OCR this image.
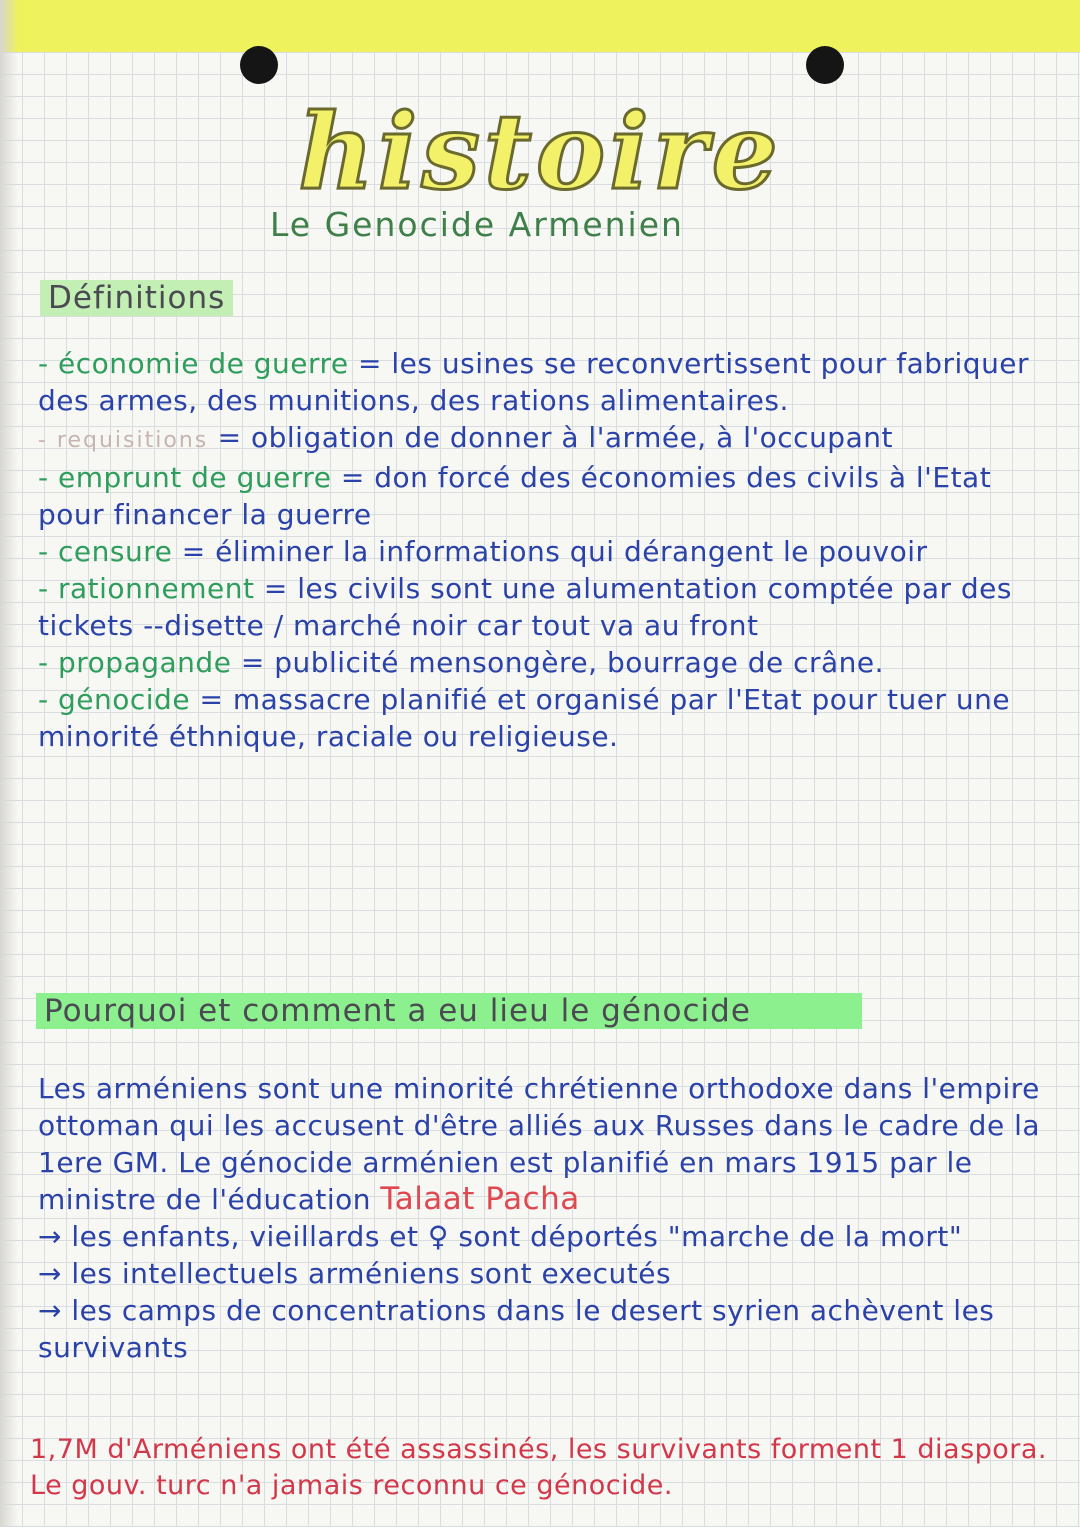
histoire
Le Genocide Armenien
Définitions

- économie de guerre = les usines se reconvertissent pour fabriquer des armes, des munitions, des rations alimentaires.

- requisitions = obligation de donner à l'armée, à l'occupant

- emprunt de guerre = don forcé des économies des civils à l'Etat pour financer la guerre

- censure = éliminer la informations qui dérangent le pouvoir

- rationnement = les civils sont une alumentation comptée par des tickets --disette / marché noir car tout va au front

- propagande = publicité mensongère, bourrage de crâne.

- génocide = massacre planifié et organisé par l'Etat pour tuer une minorité éthnique, raciale ou religieuse.

Pourquoi et comment a eu lieu le génocide

Les arméniens sont une minorité chrétienne orthodoxe dans l'empire ottoman qui les accusent d'être alliés aux Russes dans le cadre de la 1ere GM. Le génocide arménien est planifié en mars 1915 par le ministre de l'éducation Talaat Pacha

→ les enfants, vieillards et ♀ sont déportés "marche de la mort"

→ les intellectuels arméniens sont executés

→ les camps de concentrations dans le desert syrien achèvent les survivants

1,7M d'Arméniens ont été assassinés, les survivants forment 1 diaspora. Le gouv. turc n'a jamais reconnu ce génocide.
